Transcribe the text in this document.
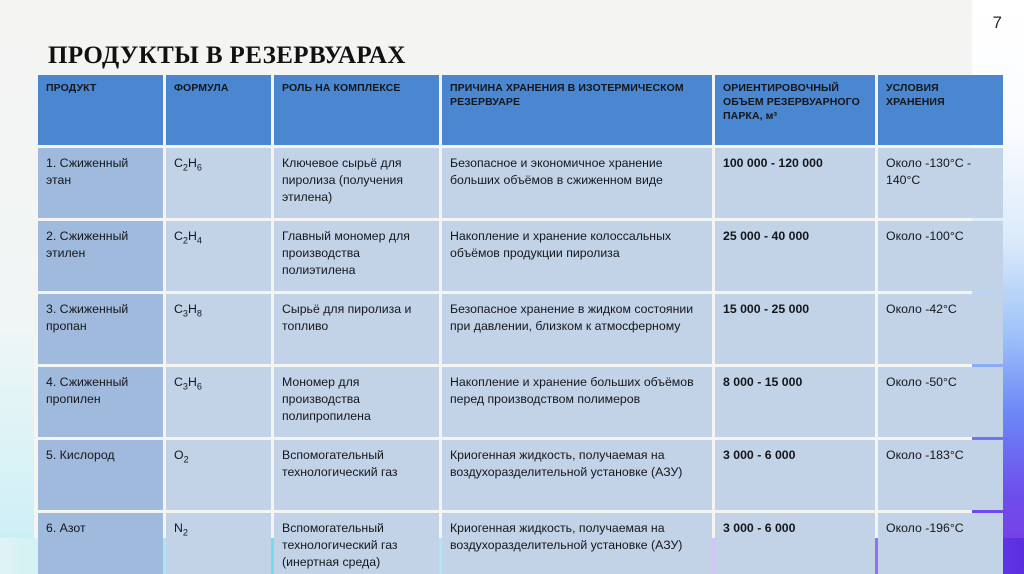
7
ПРОДУКТЫ В РЕЗЕРВУАРАХ
ПРОДУКТ	ФОРМУЛА	РОЛЬ НА КОМПЛЕКСЕ	ПРИЧИНА ХРАНЕНИЯ В ИЗОТЕРМИЧЕСКОМ РЕЗЕРВУАРЕ	ОРИЕНТИРОВОЧНЫЙ ОБЪЕМ РЕЗЕРВУАРНОГО ПАРКА, м³	УСЛОВИЯ ХРАНЕНИЯ
1. Сжиженный этан	$C_2H_6$	Ключевое сырьё для пиролиза (получения этилена)	Безопасное и экономичное хранение больших объёмов в сжиженном виде	100 000 - 120 000	Около -130°С - 140°С
2. Сжиженный этилен	$C_2H_4$	Главный мономер для производства полиэтилена	Накопление и хранение колоссальных объёмов продукции пиролиза	25 000 - 40 000	Около -100°С
3. Сжиженный пропан	$C_3H_8$	Сырьё для пиролиза и топливо	Безопасное хранение в жидком состоянии при давлении, близком к атмосферному	15 000 - 25 000	Около -42°С
4. Сжиженный пропилен	$C_3H_6$	Мономер для производства полипропилена	Накопление и хранение больших объёмов перед производством полимеров	8 000 - 15 000	Около -50°С
5. Кислород	$O_2$	Вспомогательный технологический газ	Криогенная жидкость, получаемая на воздухоразделительной установке (АЗУ)	3 000 - 6 000	Около -183°С
6. Азот	$N_2$	Вспомогательный технологический газ (инертная среда)	Криогенная жидкость, получаемая на воздухоразделительной установке (АЗУ)	3 000 - 6 000	Около -196°С
